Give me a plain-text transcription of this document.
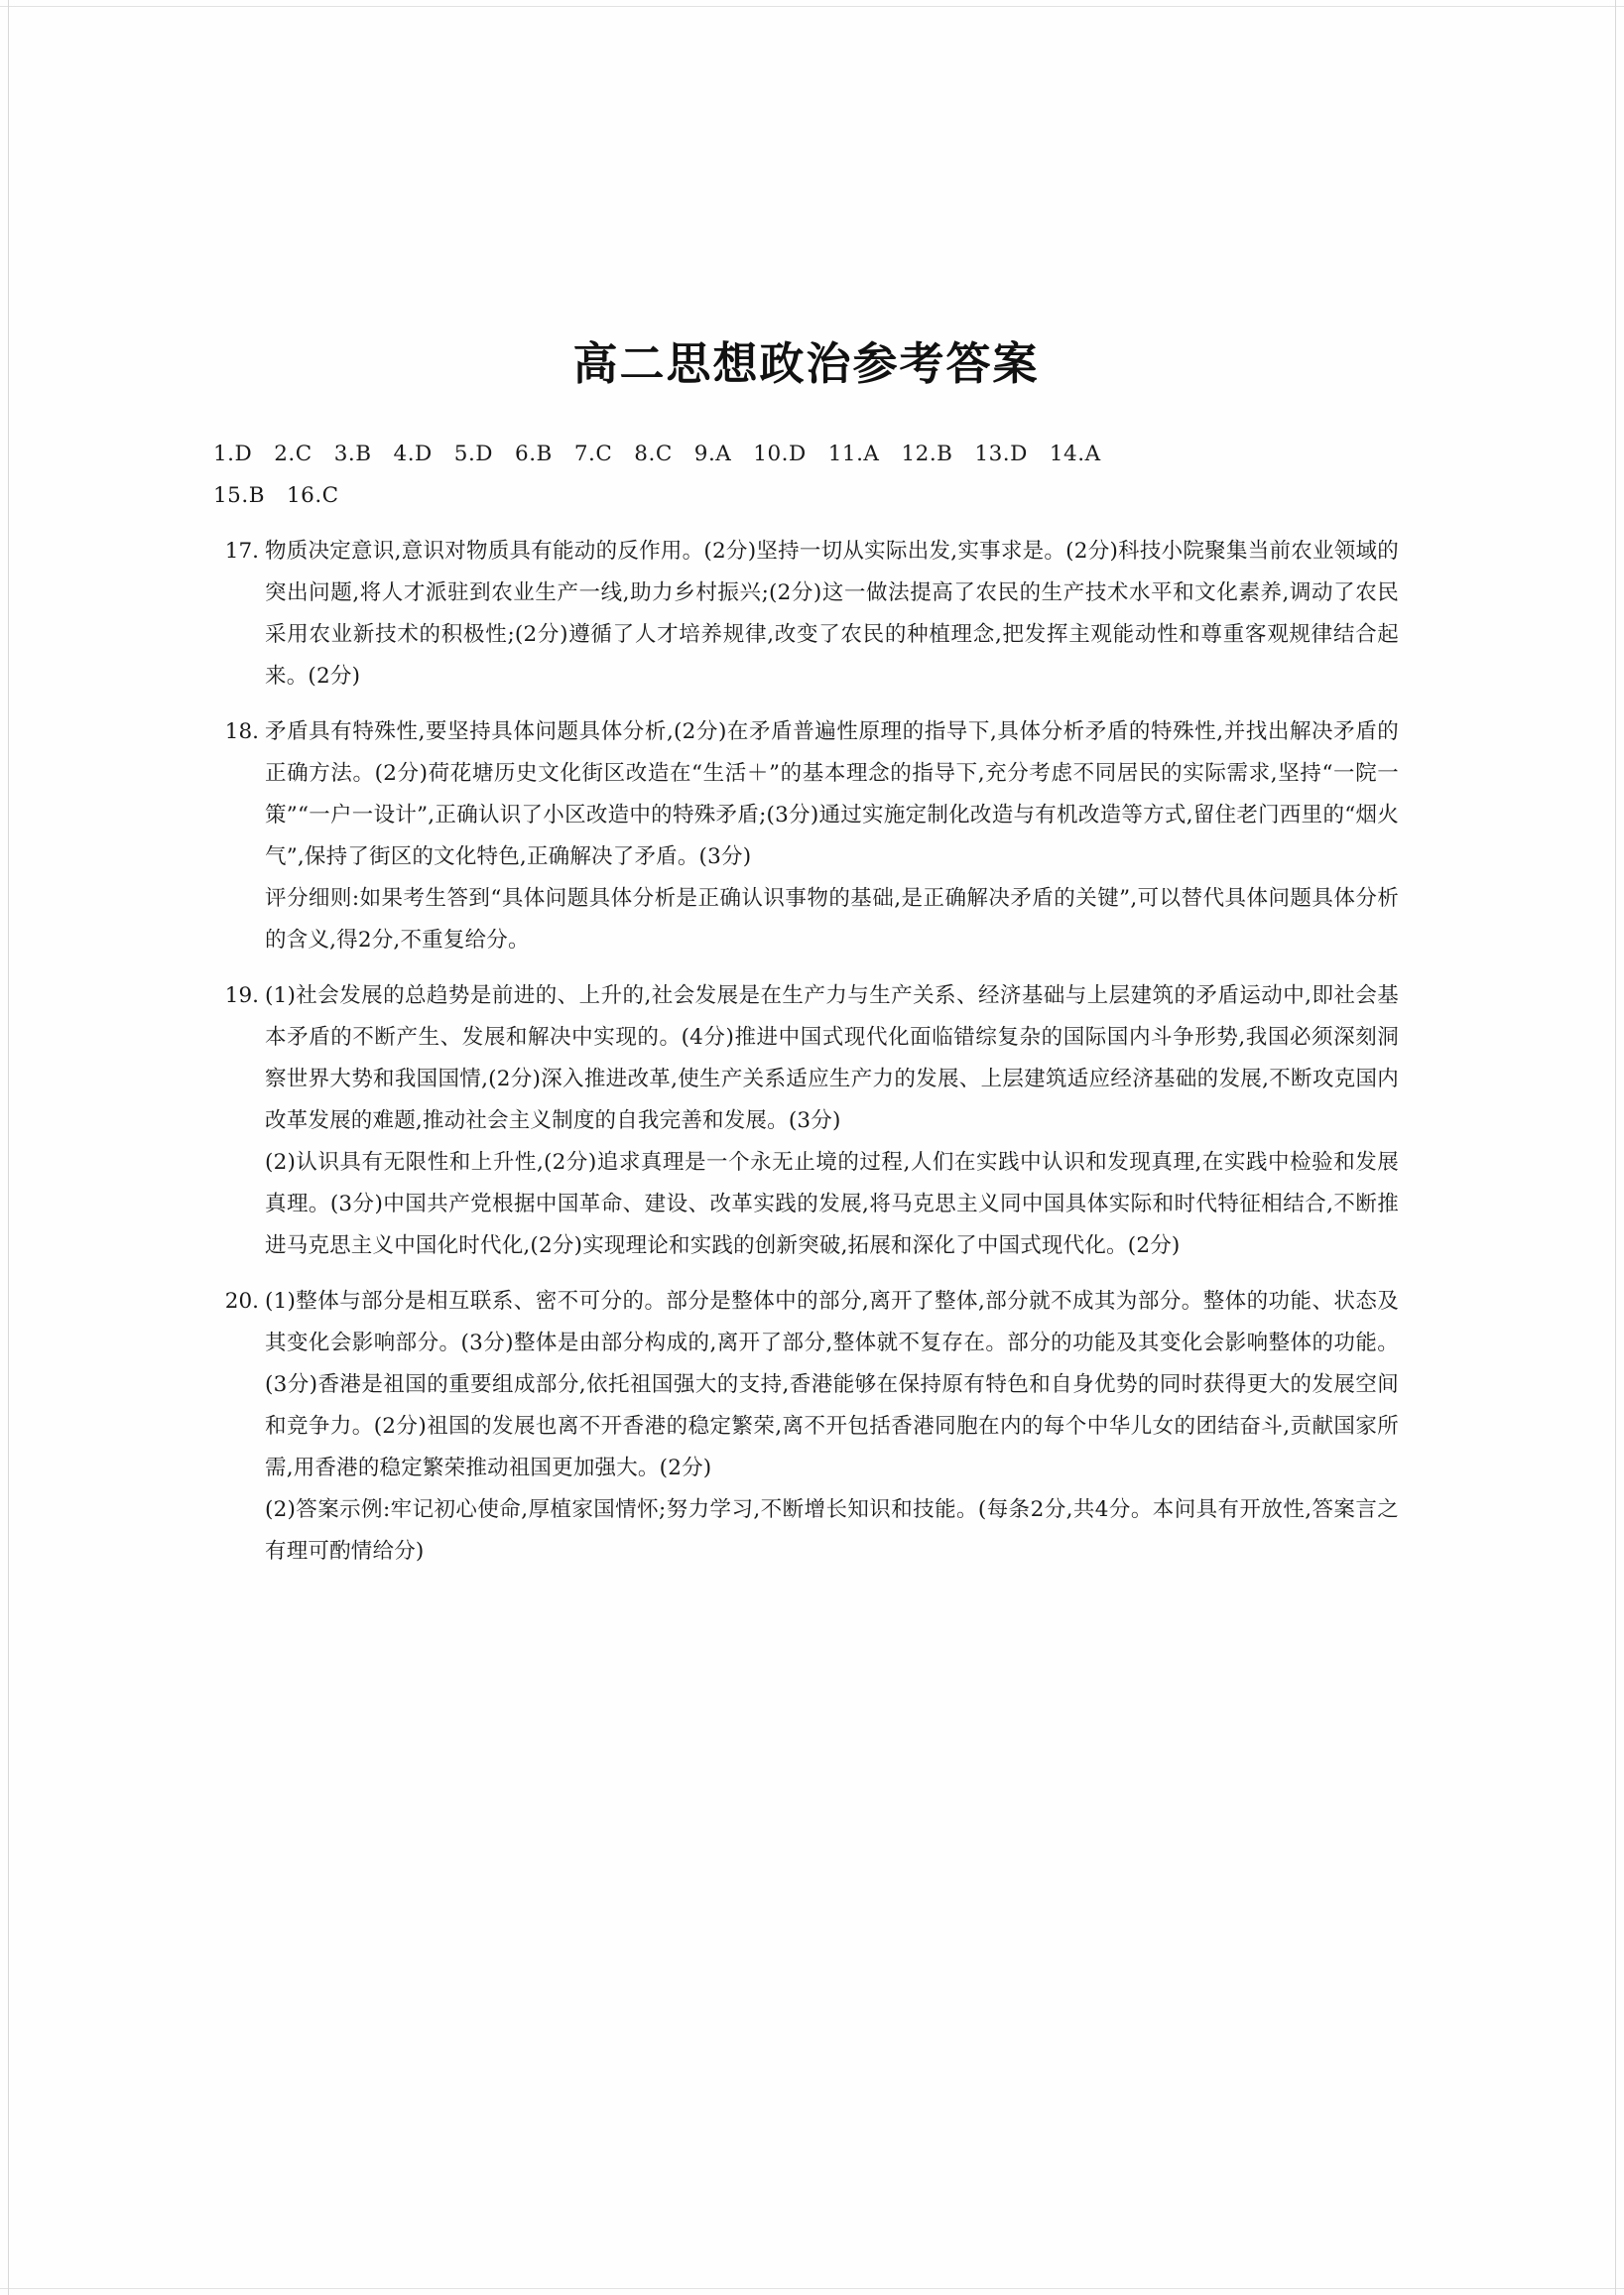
高二思想政治参考答案

1.D　2.C　3.B　4.D　5.D　6.B　7.C　8.C　9.A　10.D　11.A　12.B　13.D　14.A

15.B　16.C

17. 物质决定意识,意识对物质具有能动的反作用。(2分)坚持一切从实际出发,实事求是。(2分)科技小院聚集当前农业领域的突出问题,将人才派驻到农业生产一线,助力乡村振兴;(2分)这一做法提高了农民的生产技术水平和文化素养,调动了农民采用农业新技术的积极性;(2分)遵循了人才培养规律,改变了农民的种植理念,把发挥主观能动性和尊重客观规律结合起来。(2分)

18. 矛盾具有特殊性,要坚持具体问题具体分析,(2分)在矛盾普遍性原理的指导下,具体分析矛盾的特殊性,并找出解决矛盾的正确方法。(2分)荷花塘历史文化街区改造在“生活＋”的基本理念的指导下,充分考虑不同居民的实际需求,坚持“一院一策”“一户一设计”,正确认识了小区改造中的特殊矛盾;(3分)通过实施定制化改造与有机改造等方式,留住老门西里的“烟火气”,保持了街区的文化特色,正确解决了矛盾。(3分)

评分细则:如果考生答到“具体问题具体分析是正确认识事物的基础,是正确解决矛盾的关键”,可以替代具体问题具体分析的含义,得2分,不重复给分。

19. (1)社会发展的总趋势是前进的、上升的,社会发展是在生产力与生产关系、经济基础与上层建筑的矛盾运动中,即社会基本矛盾的不断产生、发展和解决中实现的。(4分)推进中国式现代化面临错综复杂的国际国内斗争形势,我国必须深刻洞察世界大势和我国国情,(2分)深入推进改革,使生产关系适应生产力的发展、上层建筑适应经济基础的发展,不断攻克国内改革发展的难题,推动社会主义制度的自我完善和发展。(3分)

(2)认识具有无限性和上升性,(2分)追求真理是一个永无止境的过程,人们在实践中认识和发现真理,在实践中检验和发展真理。(3分)中国共产党根据中国革命、建设、改革实践的发展,将马克思主义同中国具体实际和时代特征相结合,不断推进马克思主义中国化时代化,(2分)实现理论和实践的创新突破,拓展和深化了中国式现代化。(2分)

20. (1)整体与部分是相互联系、密不可分的。部分是整体中的部分,离开了整体,部分就不成其为部分。整体的功能、状态及其变化会影响部分。(3分)整体是由部分构成的,离开了部分,整体就不复存在。部分的功能及其变化会影响整体的功能。(3分)香港是祖国的重要组成部分,依托祖国强大的支持,香港能够在保持原有特色和自身优势的同时获得更大的发展空间和竞争力。(2分)祖国的发展也离不开香港的稳定繁荣,离不开包括香港同胞在内的每个中华儿女的团结奋斗,贡献国家所需,用香港的稳定繁荣推动祖国更加强大。(2分)

(2)答案示例:牢记初心使命,厚植家国情怀;努力学习,不断增长知识和技能。(每条2分,共4分。本问具有开放性,答案言之有理可酌情给分)
